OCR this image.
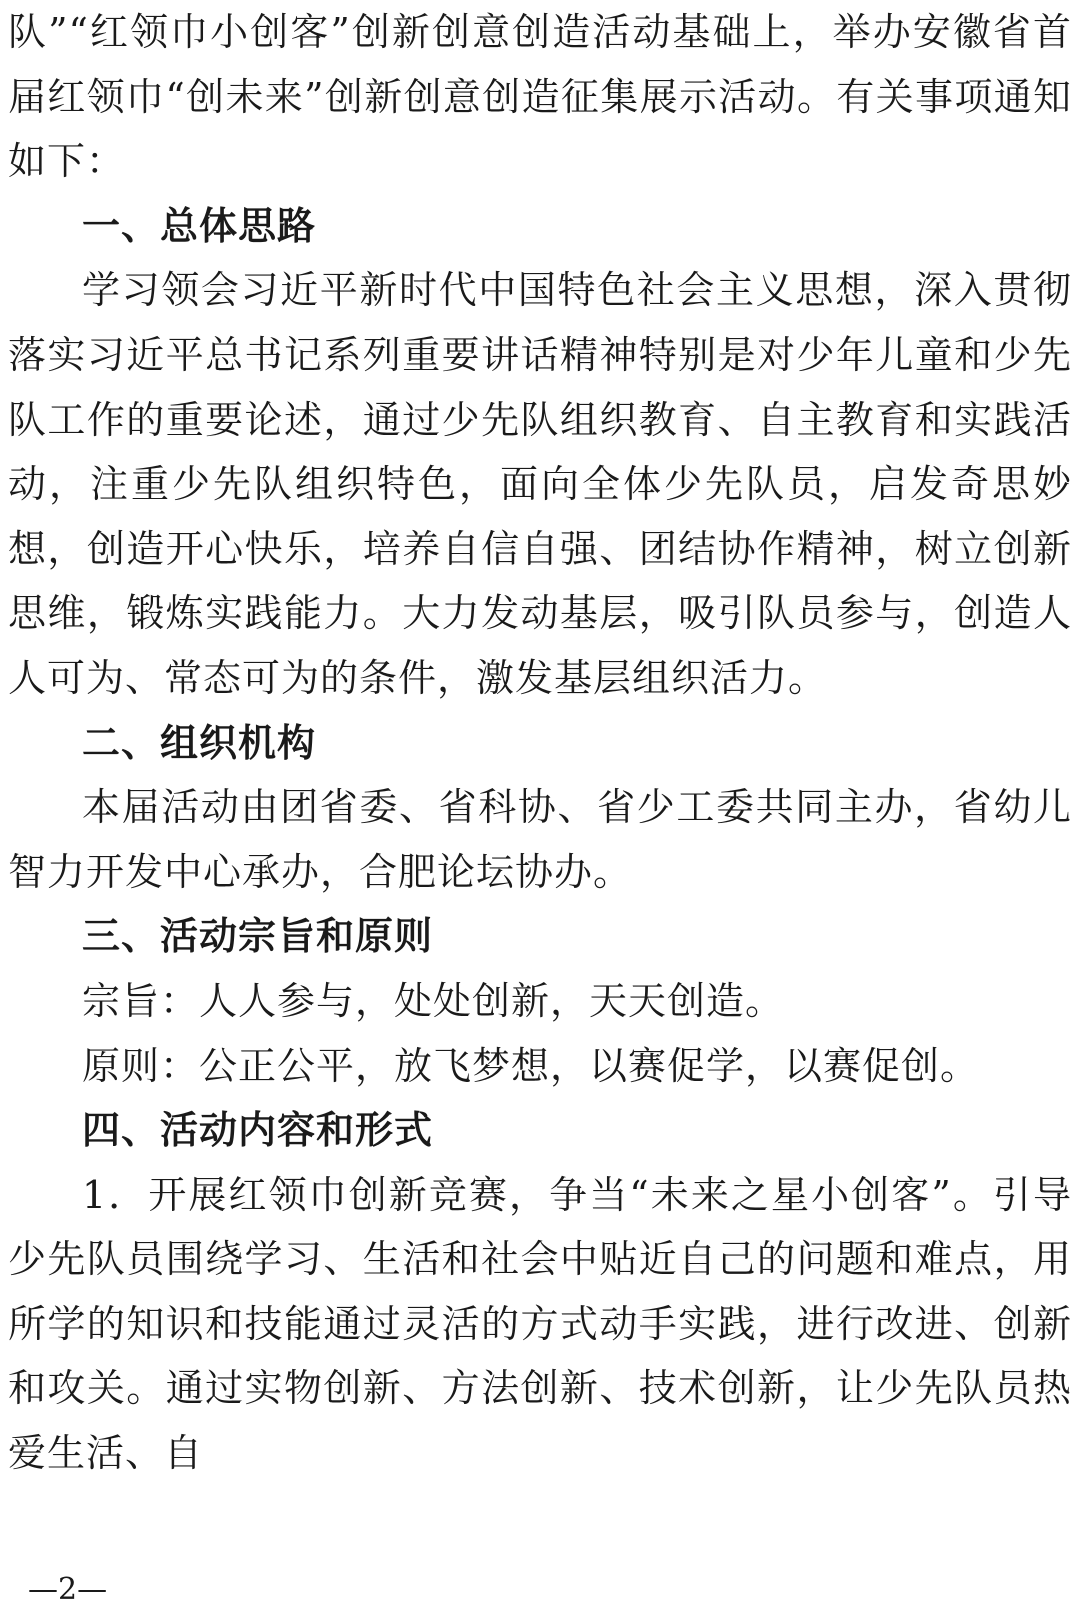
队”“红领巾小创客”创新创意创造活动基础上，举办安徽省首届红领巾“创未来”创新创意创造征集展示活动。有关事项通知如下：

一、总体思路

学习领会习近平新时代中国特色社会主义思想，深入贯彻落实习近平总书记系列重要讲话精神特别是对少年儿童和少先队工作的重要论述，通过少先队组织教育、自主教育和实践活动，注重少先队组织特色，面向全体少先队员，启发奇思妙想，创造开心快乐，培养自信自强、团结协作精神，树立创新思维，锻炼实践能力。大力发动基层，吸引队员参与，创造人人可为、常态可为的条件，激发基层组织活力。

二、组织机构

本届活动由团省委、省科协、省少工委共同主办，省幼儿智力开发中心承办，合肥论坛协办。

三、活动宗旨和原则

宗旨：人人参与，处处创新，天天创造。

原则：公正公平，放飞梦想，以赛促学，以赛促创。

四、活动内容和形式

1．开展红领巾创新竞赛，争当“未来之星小创客”。引导少先队员围绕学习、生活和社会中贴近自己的问题和难点，用所学的知识和技能通过灵活的方式动手实践，进行改进、创新和攻关。通过实物创新、方法创新、技术创新，让少先队员热爱生活、自

—2—
